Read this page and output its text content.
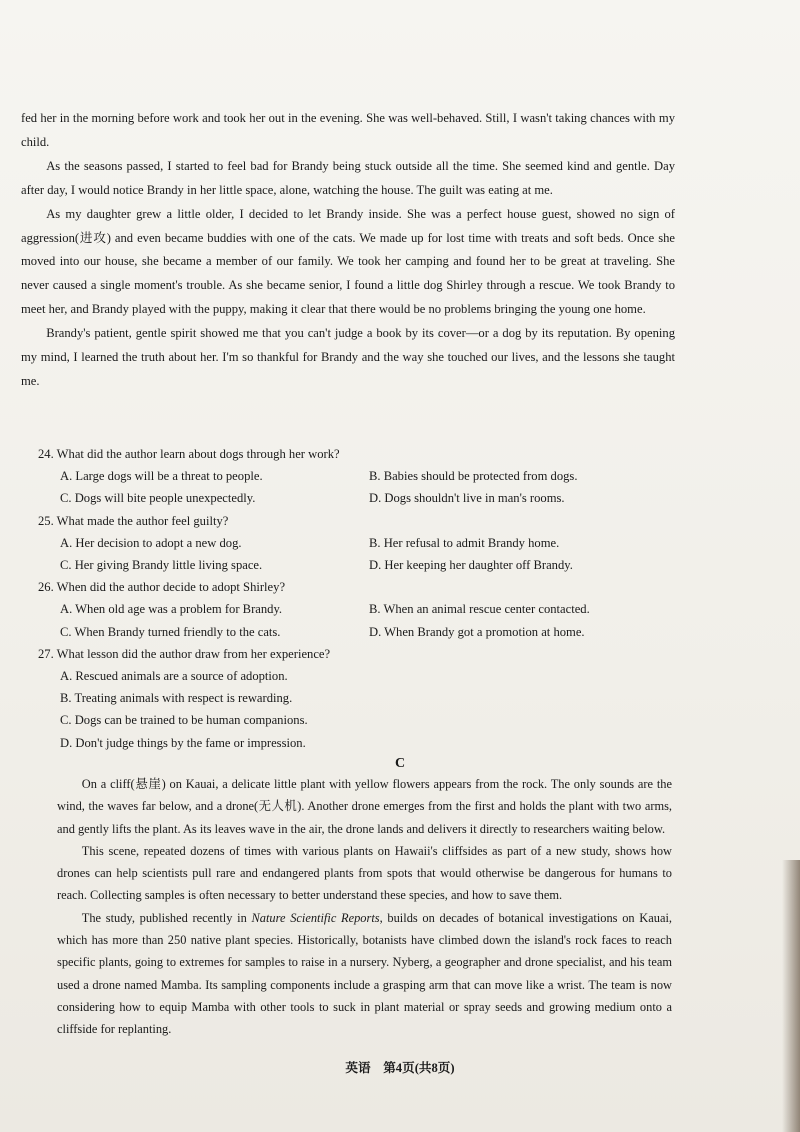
fed her in the morning before work and took her out in the evening. She was well-behaved. Still, I wasn't taking chances with my child.

As the seasons passed, I started to feel bad for Brandy being stuck outside all the time. She seemed kind and gentle. Day after day, I would notice Brandy in her little space, alone, watching the house. The guilt was eating at me.

As my daughter grew a little older, I decided to let Brandy inside. She was a perfect house guest, showed no sign of aggression(进攻) and even became buddies with one of the cats. We made up for lost time with treats and soft beds. Once she moved into our house, she became a member of our family. We took her camping and found her to be great at traveling. She never caused a single moment's trouble. As she became senior, I found a little dog Shirley through a rescue. We took Brandy to meet her, and Brandy played with the puppy, making it clear that there would be no problems bringing the young one home.

Brandy's patient, gentle spirit showed me that you can't judge a book by its cover—or a dog by its reputation. By opening my mind, I learned the truth about her. I'm so thankful for Brandy and the way she touched our lives, and the lessons she taught me.

24. What did the author learn about dogs through her work?

A. Large dogs will be a threat to people.	B. Babies should be protected from dogs.
C. Dogs will bite people unexpectedly.	D. Dogs shouldn't live in man's rooms.

25. What made the author feel guilty?

A. Her decision to adopt a new dog.	B. Her refusal to admit Brandy home.
C. Her giving Brandy little living space.	D. Her keeping her daughter off Brandy.

26. When did the author decide to adopt Shirley?

A. When old age was a problem for Brandy.	B. When an animal rescue center contacted.
C. When Brandy turned friendly to the cats.	D. When Brandy got a promotion at home.

27. What lesson did the author draw from her experience?

A. Rescued animals are a source of adoption.
B. Treating animals with respect is rewarding.
C. Dogs can be trained to be human companions.
D. Don't judge things by the fame or impression.
C

On a cliff(悬崖) on Kauai, a delicate little plant with yellow flowers appears from the rock. The only sounds are the wind, the waves far below, and a drone(无人机). Another drone emerges from the first and holds the plant with two arms, and gently lifts the plant. As its leaves wave in the air, the drone lands and delivers it directly to researchers waiting below.

This scene, repeated dozens of times with various plants on Hawaii's cliffsides as part of a new study, shows how drones can help scientists pull rare and endangered plants from spots that would otherwise be dangerous for humans to reach. Collecting samples is often necessary to better understand these species, and how to save them.

The study, published recently in Nature Scientific Reports, builds on decades of botanical investigations on Kauai, which has more than 250 native plant species. Historically, botanists have climbed down the island's rock faces to reach specific plants, going to extremes for samples to raise in a nursery. Nyberg, a geographer and drone specialist, and his team used a drone named Mamba. Its sampling components include a grasping arm that can move like a wrist. The team is now considering how to equip Mamba with other tools to suck in plant material or spray seeds and growing medium onto a cliffside for replanting.

英语　第4页(共8页)
